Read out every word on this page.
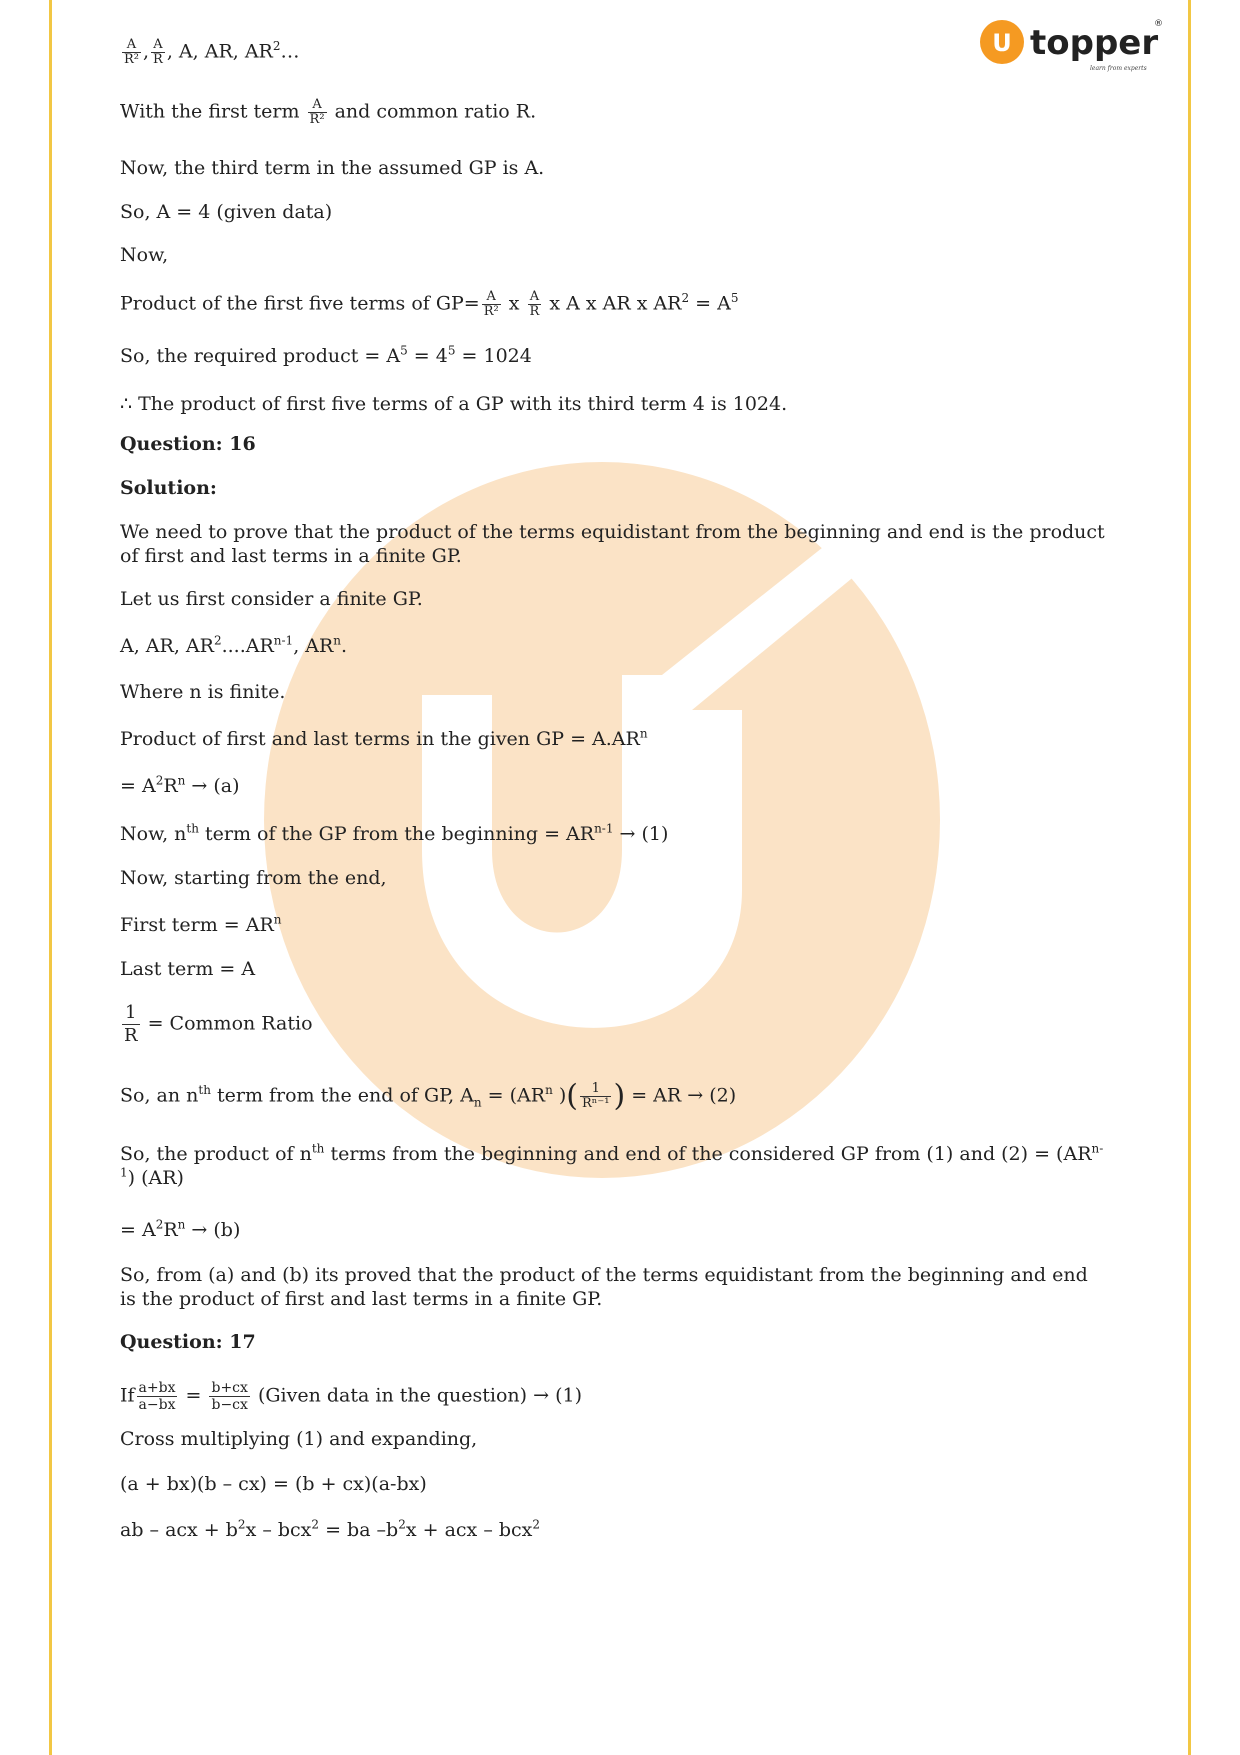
U topper
learn from experts
®
$\frac{A}{\text{R²}}$ , $\frac{A}{R}$ , A, AR, $AR^2\dots$
With the first term $\frac{A}{\text{R²}}$ and common ratio R.
Now, the third term in the assumed GP is A.
So, A = 4 (given data)
Now,
Product of the first five terms of $GP= \frac{A}{\text{R²}}$ x $\frac{A}{R}$ x A x AR x $AR^2 = A^5$
So, the required product = $A^5 = 4^5 = 1024$
∴ The product of first five terms of a GP with its third term 4 is 1024.
Question: 16
Solution:
We need to prove that the product of the terms equidistant from the beginning and end is the product of first and last terms in a finite GP.
Let us first consider a finite GP.
A, AR, $AR^2....AR^{n-1}$, $AR^n$.
Where n is finite.
Product of first and last terms in the given GP = $A.AR^n$
= $A^2R^n \to (a)$
Now, $n^{th}$ term of the GP from the beginning = $AR^{n-1} \to (1)$
Now, starting from the end,
First term = $AR^n$
Last term = A
$\frac{1}{R}$ = Common Ratio
So, an $n^{th}$ term from the end of GP, $A_n = (AR^n$ )( $\frac{1}{\text{Rⁿ⁻¹}}$ ) = AR → (2)
So, the product of $n^{th}$ terms from the beginning and end of the considered GP from (1) and $(2) = (AR^{n-1})$ (AR)
= $A^2R^n \to (b)$
So, from (a) and (b) its proved that the product of the terms equidistant from the beginning and end is the product of first and last terms in a finite GP.
Question: 17
If $\frac{a+bx}{a-bx} = \frac{b+cx}{b-cx}$ (Given data in the question) → (1)
Cross multiplying (1) and expanding,
(a + bx)(b – cx) = (b + cx)(a-bx)
ab – acx + $b^2x - bcx^2$ = ba $-b^2x$ + acx – bcx$^2$
